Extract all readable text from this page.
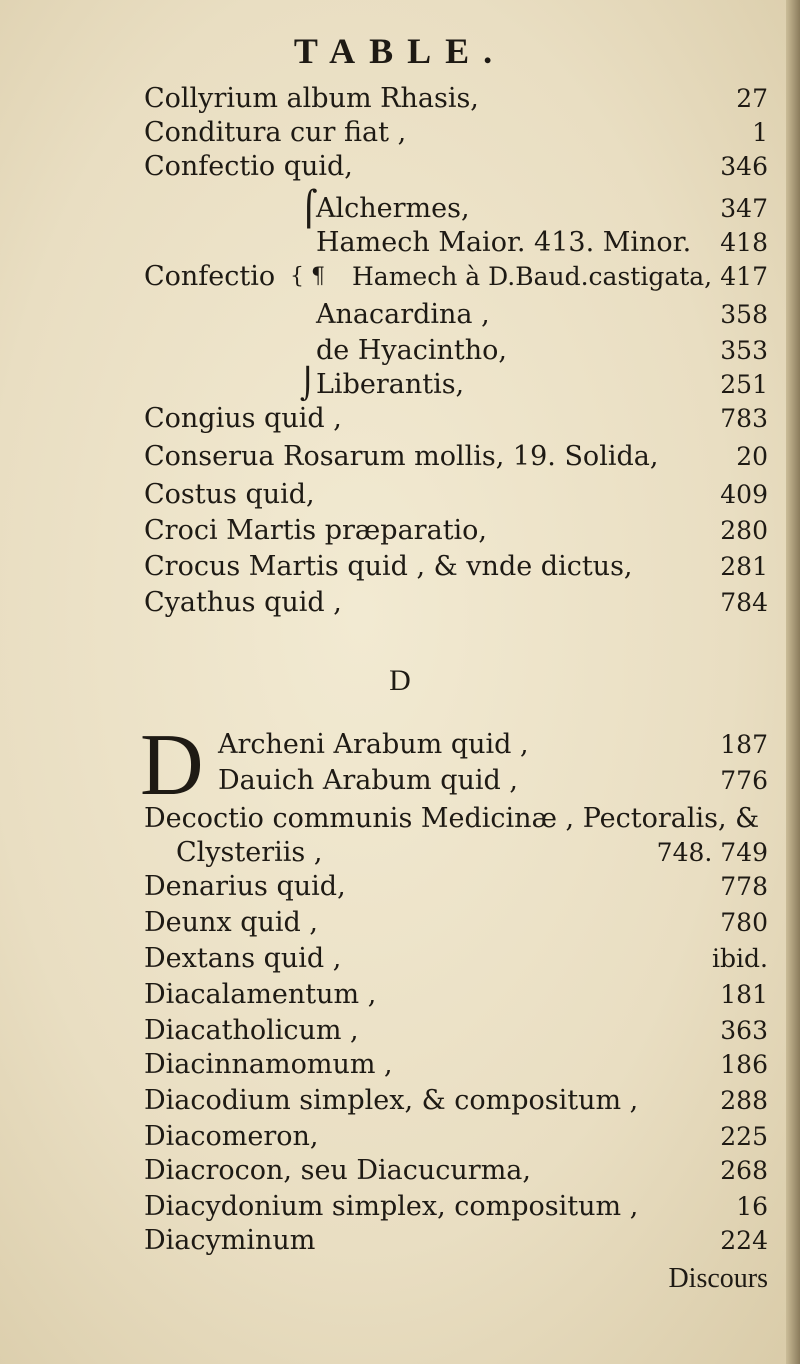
TABLE.
Collyrium album Rhasis,	27
Conditura cur fiat ,	1
Confectio quid,	346
⌠
Alchermes,	347
Hamech Maior. 413. Minor. 418
Confectio { ¶ Hamech à D.Baud.castigata, 417
Anacardina ,	358
de Hyacintho,	353
⌡ Liberantis,	251
Congius quid ,	783
Conserua Rosarum mollis, 19. Solida,	20
Costus quid,	409
Croci Martis præparatio,	280
Crocus Martis quid , & vnde dictus,	281
Cyathus quid ,	784
D
D Archeni Arabum quid ,	187
Dauich Arabum quid ,	776
Decoctio communis Medicinæ , Pectoralis, &
Clysteriis ,	748. 749
Denarius quid,	778
Deunx quid ,	780
Dextans quid ,	ibid.
Diacalamentum ,	181
Diacatholicum ,	363
Diacinnamomum ,	186
Diacodium simplex, & compositum ,	288
Diacomeron,	225
Diacrocon, seu Diacucurma,	268
Diacydonium simplex, compositum ,	16
Diacyminum	224
Discours
